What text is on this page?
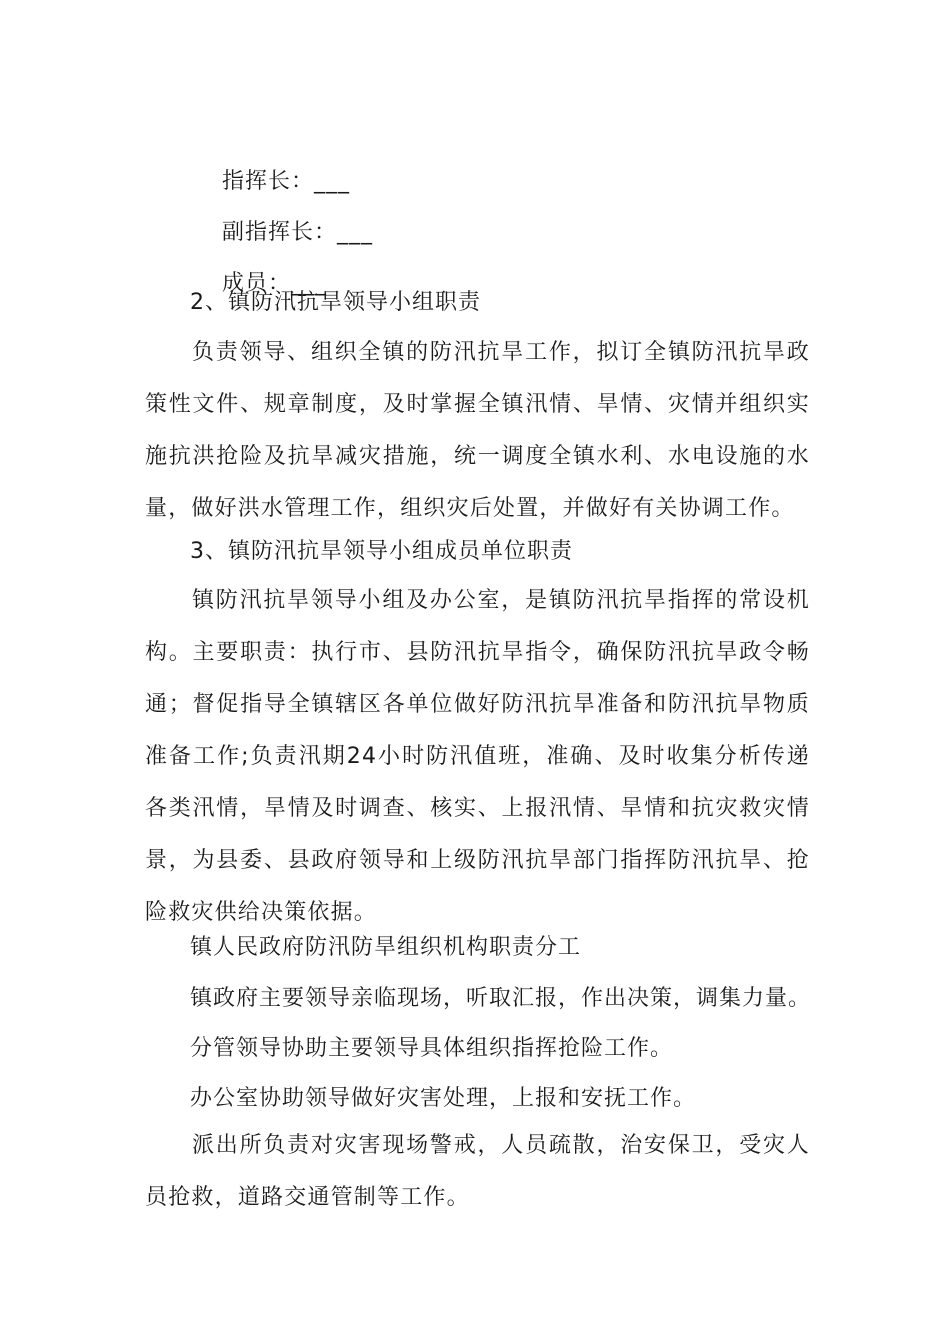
指挥长：___

副指挥长：___

成员：___

2、镇防汛抗旱领导小组职责
负责领导、组织全镇的防汛抗旱工作，拟订全镇防汛抗旱政策性文件、规章制度，及时掌握全镇汛情、旱情、灾情并组织实施抗洪抢险及抗旱减灾措施，统一调度全镇水利、水电设施的水量，做好洪水管理工作，组织灾后处置，并做好有关协调工作。
3、镇防汛抗旱领导小组成员单位职责
镇防汛抗旱领导小组及办公室，是镇防汛抗旱指挥的常设机构。主要职责：执行市、县防汛抗旱指令，确保防汛抗旱政令畅通；督促指导全镇辖区各单位做好防汛抗旱准备和防汛抗旱物质准备工作;负责汛期24小时防汛值班，准确、及时收集分析传递各类汛情，旱情及时调查、核实、上报汛情、旱情和抗灾救灾情景，为县委、县政府领导和上级防汛抗旱部门指挥防汛抗旱、抢险救灾供给决策依据。
镇人民政府防汛防旱组织机构职责分工
镇政府主要领导亲临现场，听取汇报，作出决策，调集力量。
分管领导协助主要领导具体组织指挥抢险工作。
办公室协助领导做好灾害处理，上报和安抚工作。
派出所负责对灾害现场警戒，人员疏散，治安保卫，受灾人员抢救，道路交通管制等工作。
